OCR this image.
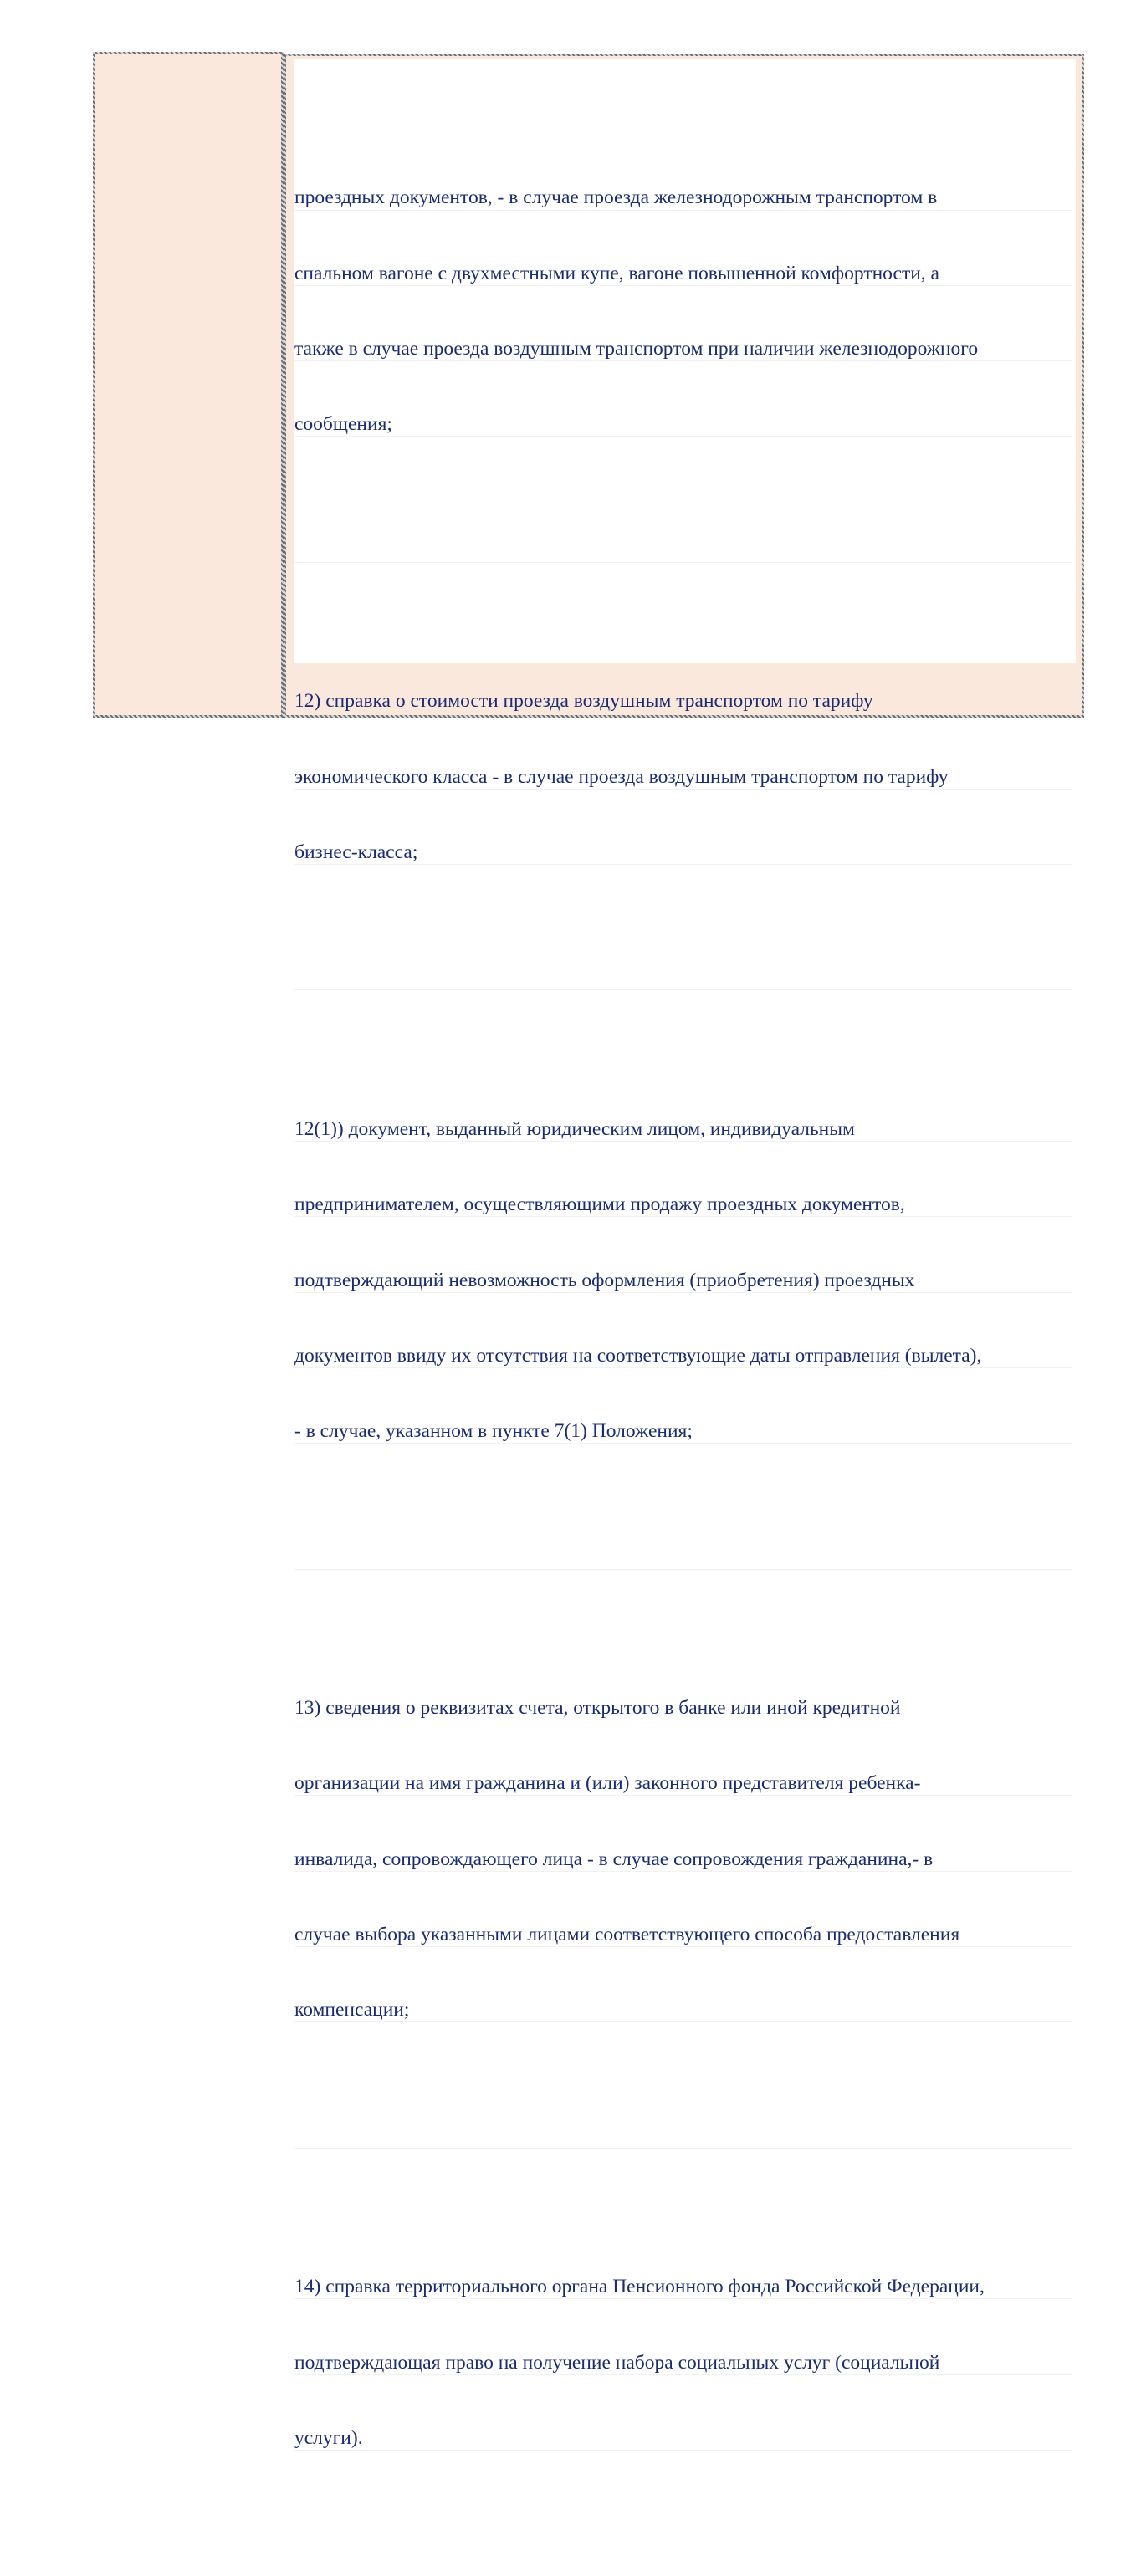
проездных документов, - в случае проезда железнодорожным транспортом в

спальном вагоне с двухместными купе, вагоне повышенной комфортности, а

также в случае проезда воздушным транспортом при наличии железнодорожного

сообщения;

12) справка о стоимости проезда воздушным транспортом по тарифу

экономического класса - в случае проезда воздушным транспортом по тарифу

бизнес-класса;

12(1)) документ, выданный юридическим лицом, индивидуальным

предпринимателем, осуществляющими продажу проездных документов,

подтверждающий невозможность оформления (приобретения) проездных

документов ввиду их отсутствия на соответствующие даты отправления (вылета),

- в случае, указанном в пункте 7(1) Положения;

13) сведения о реквизитах счета, открытого в банке или иной кредитной

организации на имя гражданина и (или) законного представителя ребенка-

инвалида, сопровождающего лица - в случае сопровождения гражданина,- в

случае выбора указанными лицами соответствующего способа предоставления

компенсации;

14) справка территориального органа Пенсионного фонда Российской Федерации,

подтверждающая право на получение набора социальных услуг (социальной

услуги).
